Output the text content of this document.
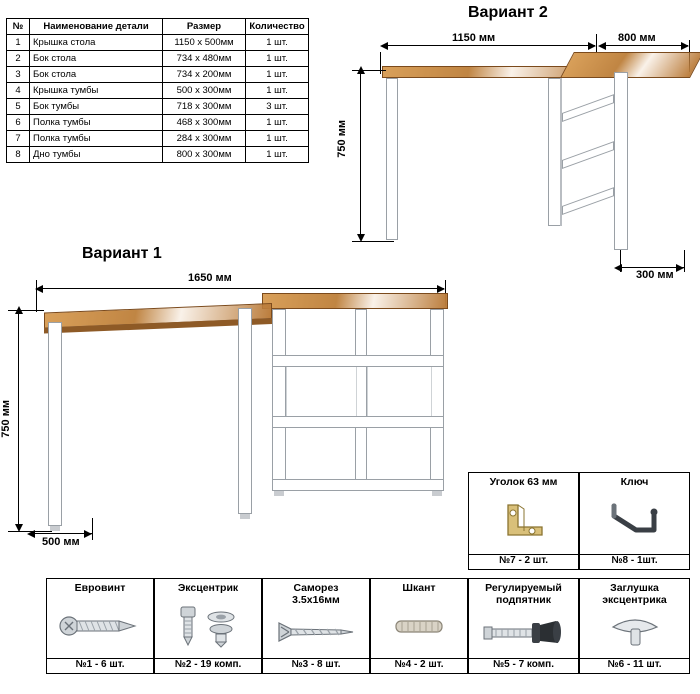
№	Наименование детали	Размер	Количество
1	Крышка стола	1150 x 500мм	1 шт.
2	Бок стола	734 x 480мм	1 шт.
3	Бок стола	734 x 200мм	1 шт.
4	Крышка тумбы	500 x 300мм	1 шт.
5	Бок тумбы	718 x 300мм	3 шт.
6	Полка тумбы	468 x 300мм	1 шт.
7	Полка тумбы	284 x 300мм	1 шт.
8	Дно тумбы	800 x 300мм	1 шт.
Вариант 2
1150 мм	800 мм
750 мм
300 мм
Вариант 1
1650 мм
750 мм
500 мм
Уголок 63 мм
№7 - 2 шт.
Ключ
№8 - 1шт.
Еврoвинт
№1 - 6 шт.
Эксцентрик
№2 - 19 комп.
Саморез
3.5x16мм
№3 - 8 шт.
Шкант
№4 - 2 шт.
Регулируемый
подпятник
№5 - 7 комп.
Заглушка
эксцентрика
№6 - 11 шт.
